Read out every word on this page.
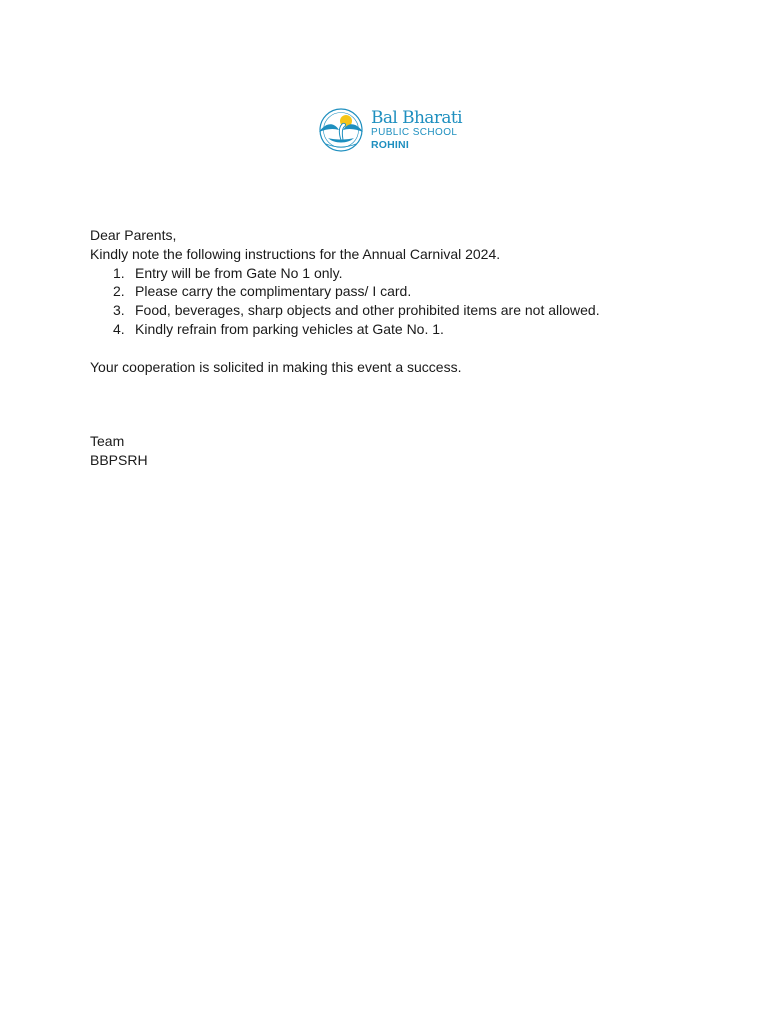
Bal Bharati
PUBLIC SCHOOL
ROHINI
Dear Parents,
Kindly note the following instructions for the Annual Carnival 2024.
1. Entry will be from Gate No 1 only.
2. Please carry the complimentary pass/ I card.
3. Food, beverages, sharp objects and other prohibited items are not allowed.
4. Kindly refrain from parking vehicles at Gate No. 1.
Your cooperation is solicited in making this event a success.
Team
BBPSRH
